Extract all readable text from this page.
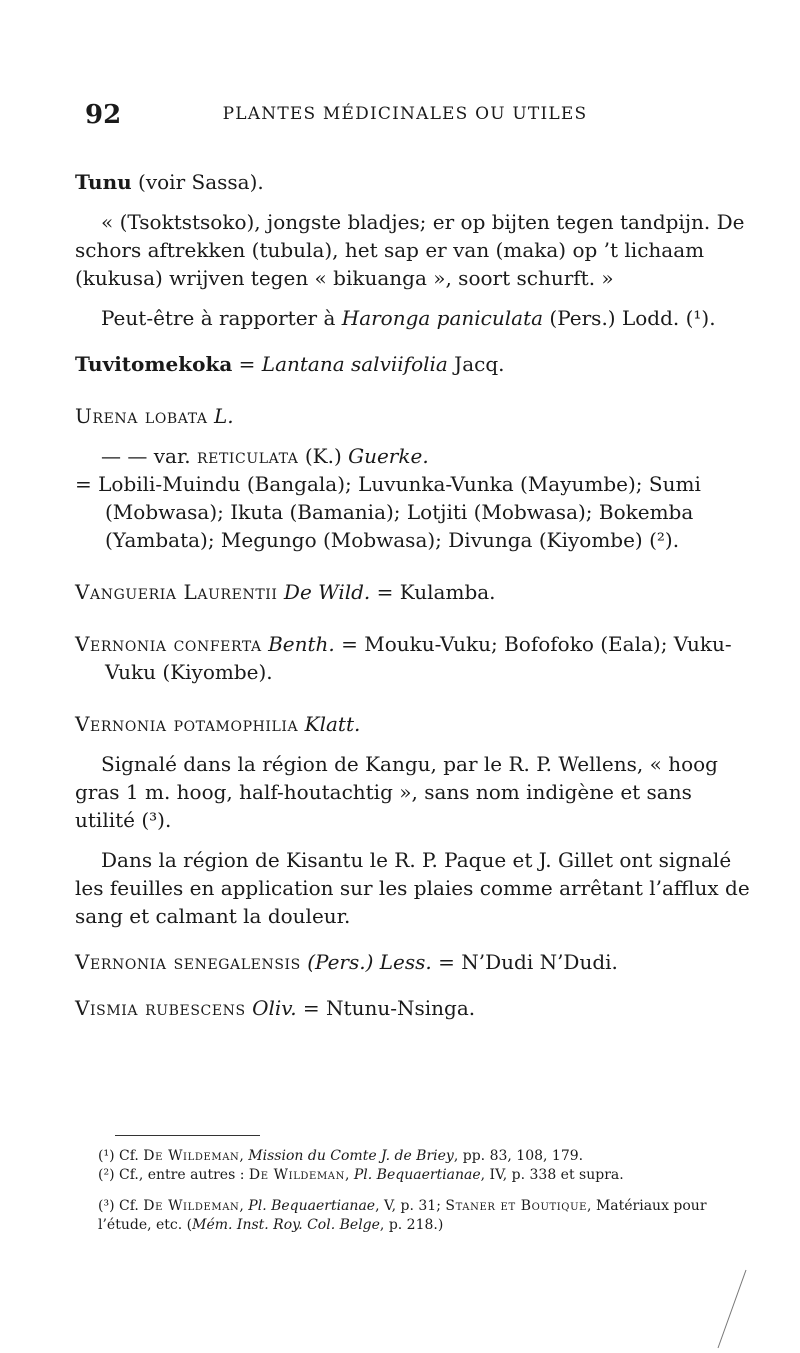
92	PLANTES MÉDICINALES OU UTILES

Tunu (voir Sassa).

« (Tsoktstsoko), jongste bladjes; er op bijten tegen tandpijn. De schors aftrekken (tubula), het sap er van (maka) op ’t lichaam (kukusa) wrijven tegen « bikuanga », soort schurft. »

Peut-être à rapporter à Haronga paniculata (Pers.) Lodd. (¹).

Tuvitomekoka = Lantana salviifolia Jacq.

Urena lobata L.

— — var. reticulata (K.) Guerke.

= Lobili-Muindu (Bangala); Luvunka-Vunka (Mayumbe); Sumi (Mobwasa); Ikuta (Bamania); Lotjiti (Mobwasa); Bokemba (Yambata); Megungo (Mobwasa); Divunga (Kiyombe) (²).

Vangueria Laurentii De Wild. = Kulamba.

Vernonia conferta Benth. = Mouku-Vuku; Bofofoko (Eala); Vuku-Vuku (Kiyombe).

Vernonia potamophilia Klatt.

Signalé dans la région de Kangu, par le R. P. Wellens, « hoog gras 1 m. hoog, half-houtachtig », sans nom indigène et sans utilité (³).

Dans la région de Kisantu le R. P. Paque et J. Gillet ont signalé les feuilles en application sur les plaies comme arrêtant l’afflux de sang et calmant la douleur.

Vernonia senegalensis (Pers.) Less. = N’Dudi N’Dudi.

Vismia rubescens Oliv. = Ntunu-Nsinga.

(¹) Cf. De Wildeman, Mission du Comte J. de Briey, pp. 83, 108, 179.

(²) Cf., entre autres : De Wildeman, Pl. Bequaertianae, IV, p. 338 et supra.

(³) Cf. De Wildeman, Pl. Bequaertianae, V, p. 31; Staner et Boutique, Matériaux pour l’étude, etc. (Mém. Inst. Roy. Col. Belge, p. 218.)
